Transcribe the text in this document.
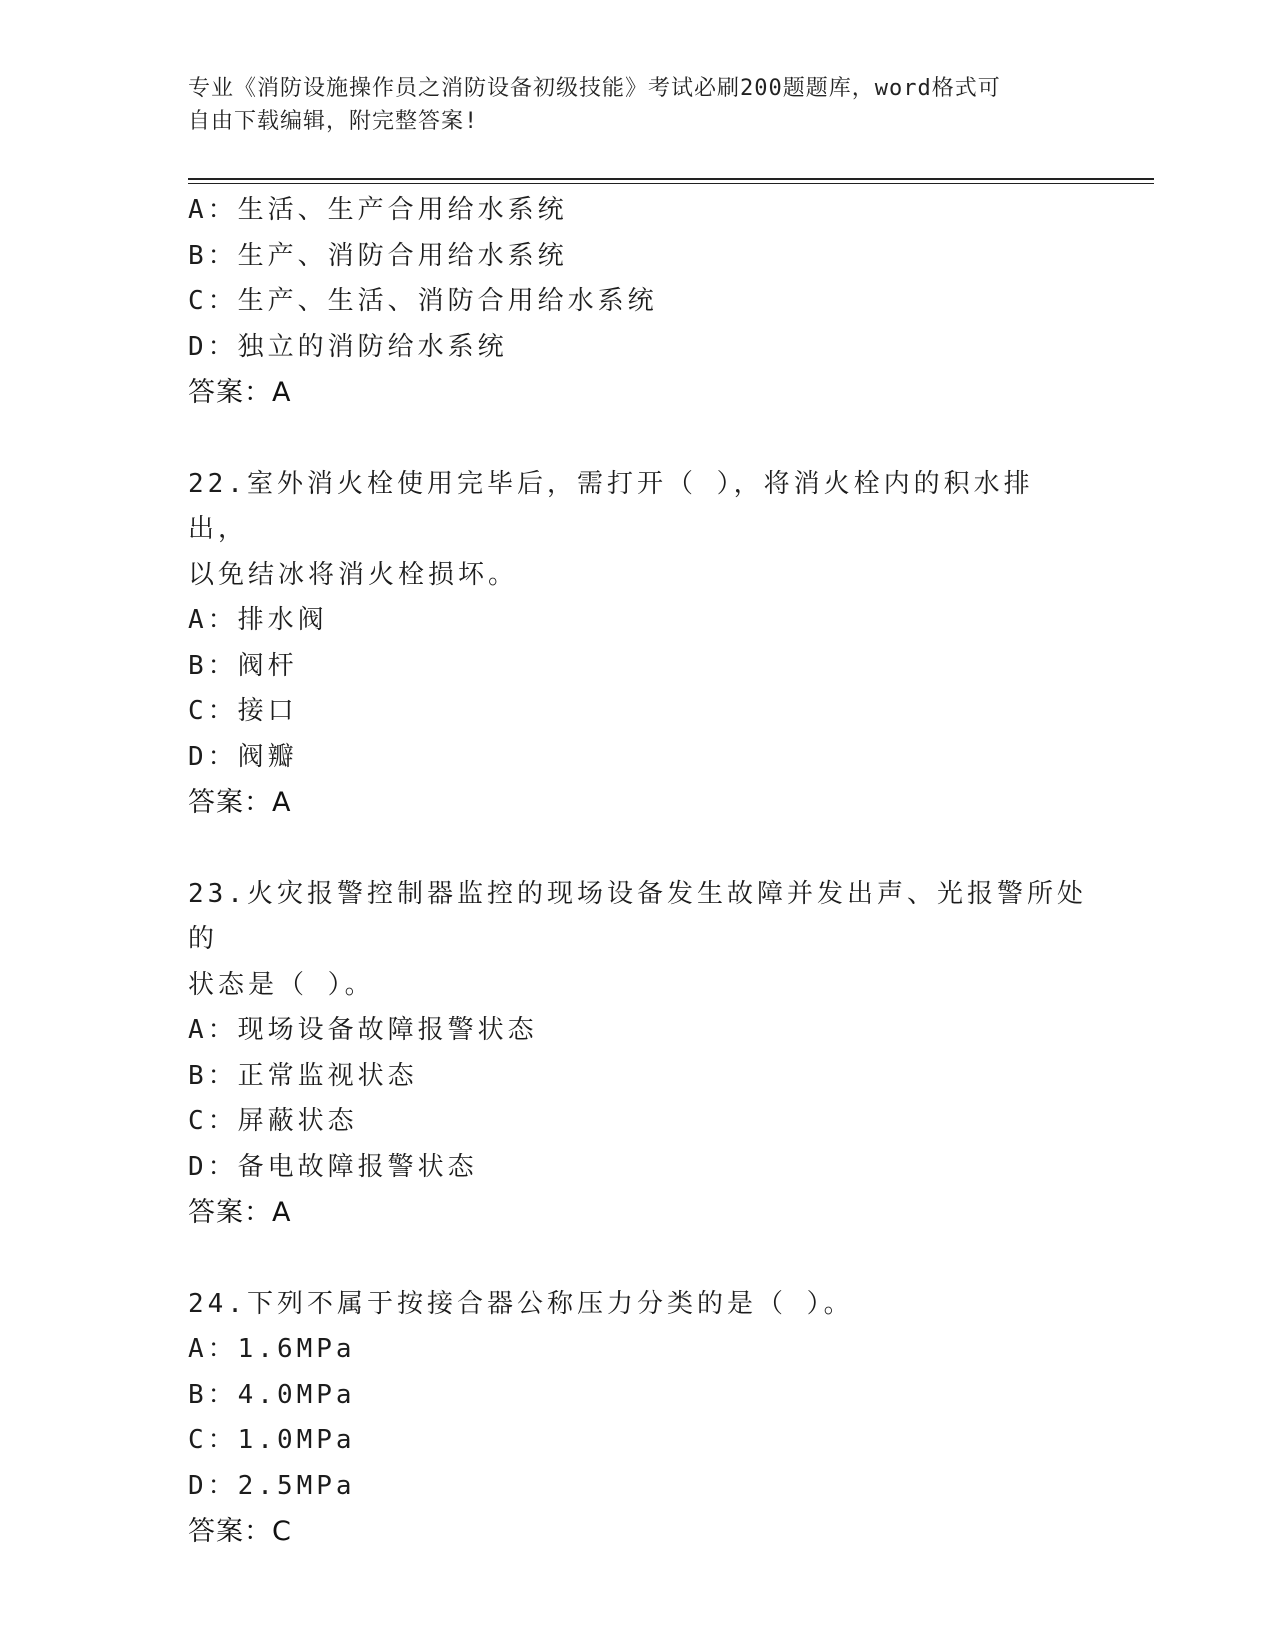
专业《消防设施操作员之消防设备初级技能》考试必刷200题题库，word格式可
自由下载编辑，附完整答案!
A：生活、生产合用给水系统
B：生产、消防合用给水系统
C：生产、生活、消防合用给水系统
D：独立的消防给水系统
答案：A
22.室外消火栓使用完毕后，需打开（ ），将消火栓内的积水排出，
以免结冰将消火栓损坏。
A：排水阀
B：阀杆
C：接口
D：阀瓣
答案：A
23.火灾报警控制器监控的现场设备发生故障并发出声、光报警所处的
状态是（ ）。
A：现场设备故障报警状态
B：正常监视状态
C：屏蔽状态
D：备电故障报警状态
答案：A
24.下列不属于按接合器公称压力分类的是（ ）。
A：1.6MPa
B：4.0MPa
C：1.0MPa
D：2.5MPa
答案：C
